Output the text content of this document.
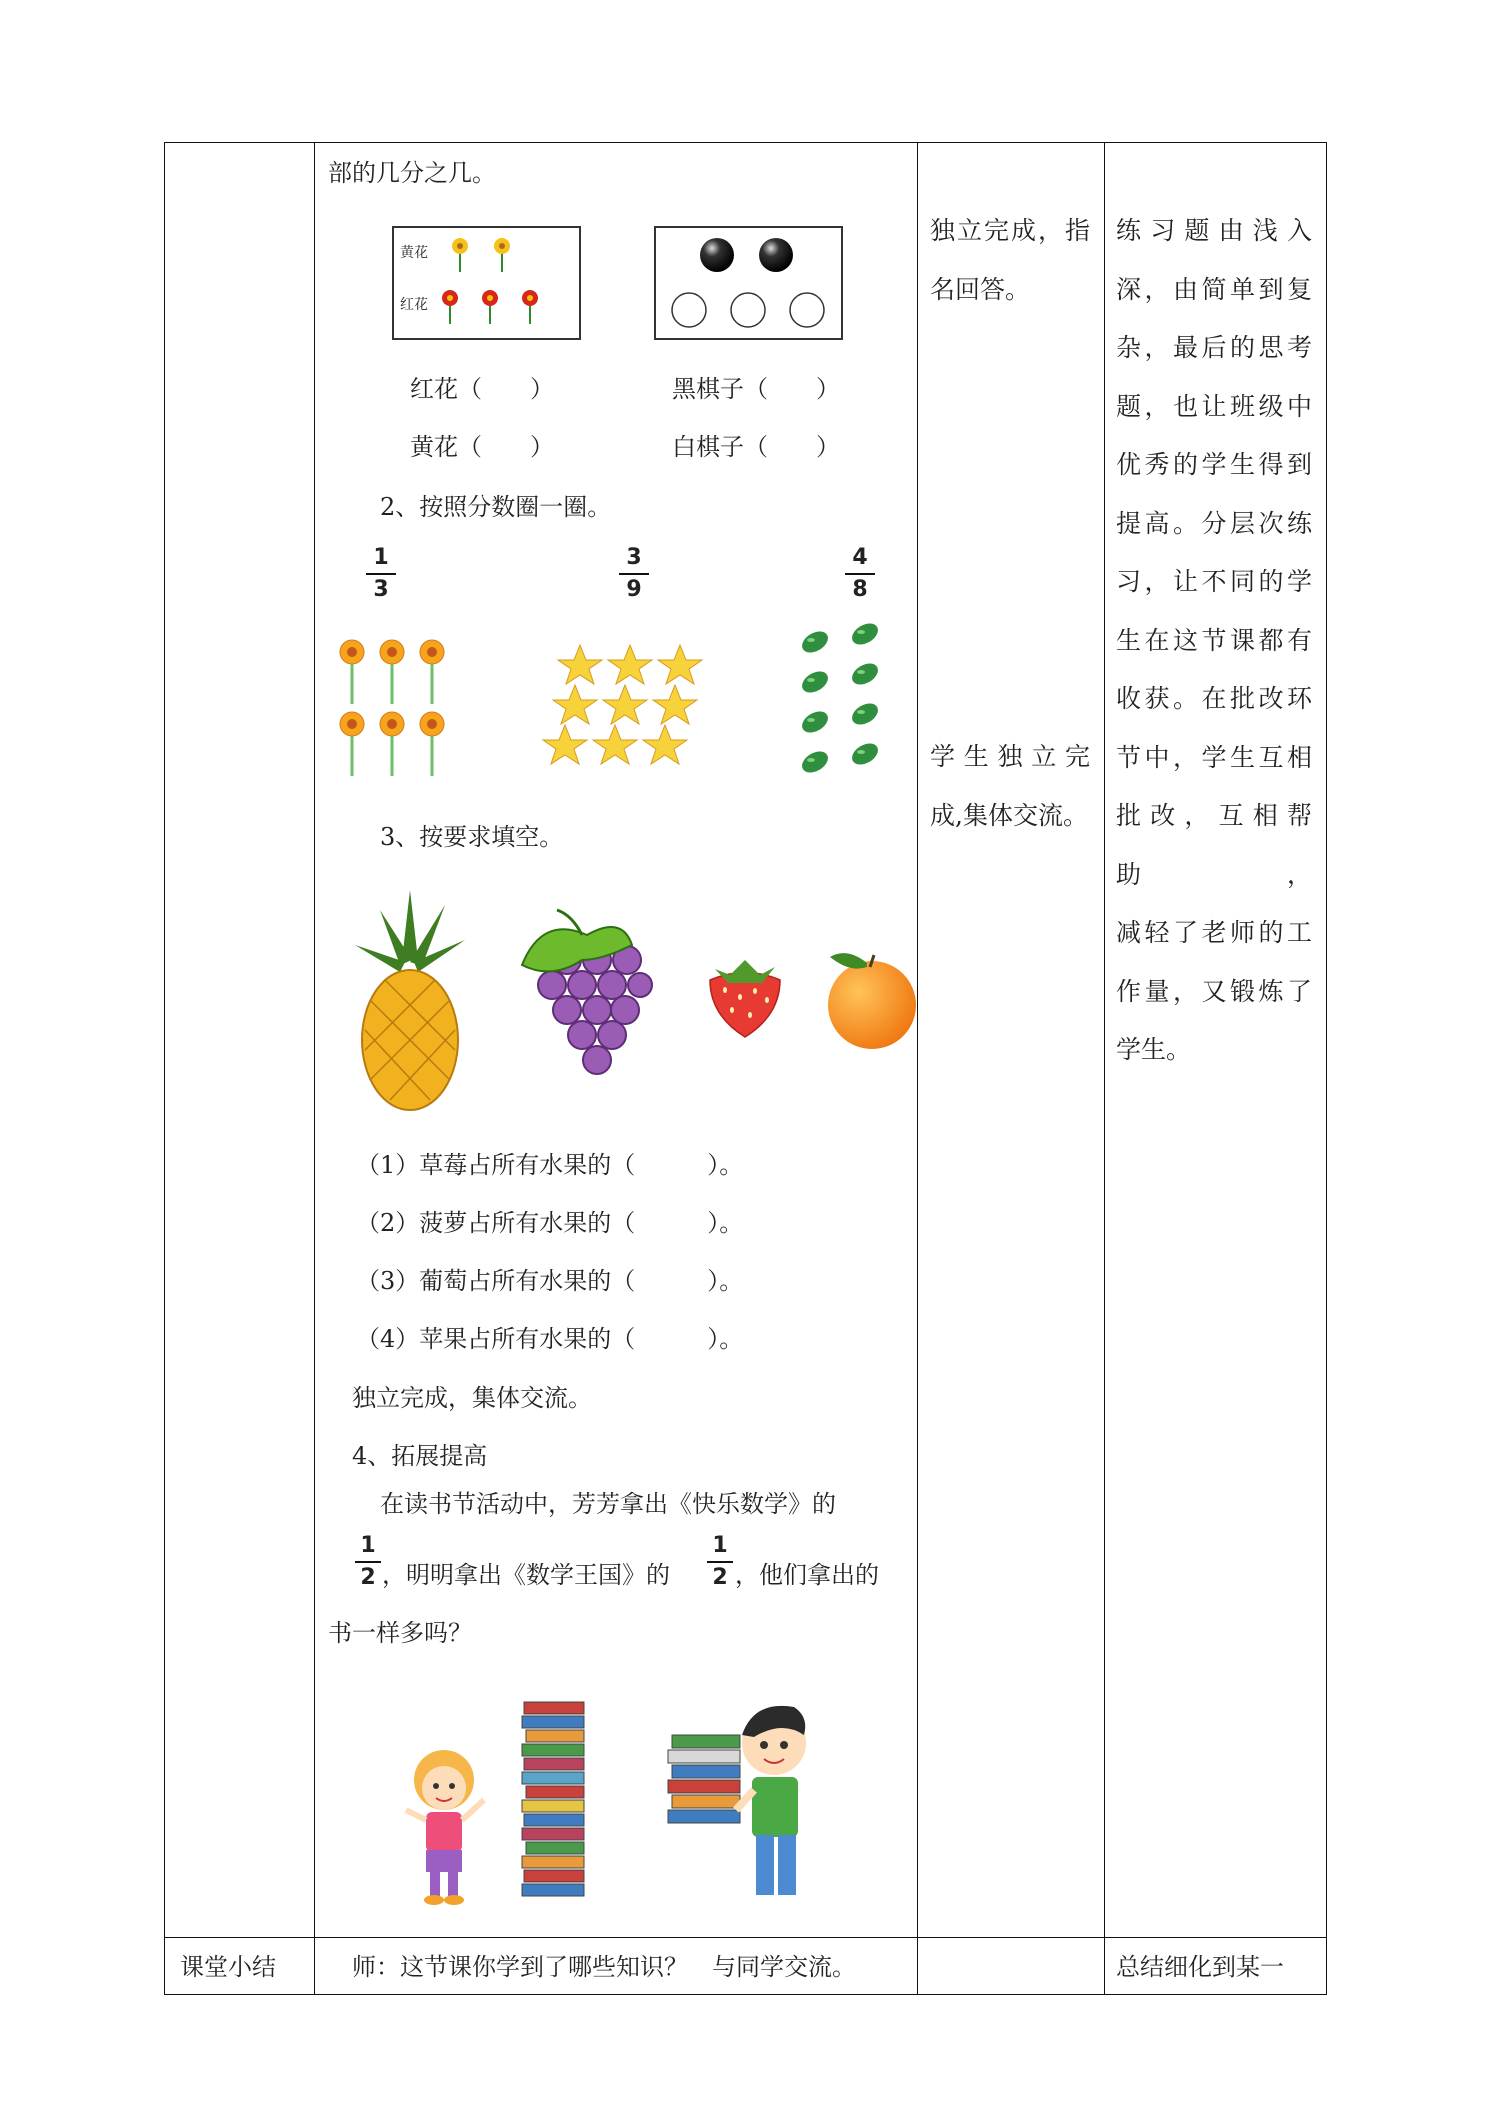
部的几分之几。
黄花
红花
红花（　　）
黄花（　　）
黑棋子（　　）
白棋子（　　）
2、按照分数圈一圈。
1
3
3
9
4
8
3、按要求填空。
（1）草莓占所有水果的（　　　）。
（2）菠萝占所有水果的（　　　）。
（3）葡萄占所有水果的（　　　）。
（4）苹果占所有水果的（　　　）。
独立完成，集体交流。
4、拓展提高
在读书节活动中，芳芳拿出《快乐数学》的
1
2 ，明明拿出《数学王国》的
1
2 ，他们拿出的
书一样多吗？
独立完成，指
名回答。
学生独立完
成,集体交流。
练习题由浅入
深，由简单到复
杂，最后的思考
题，也让班级中
优秀的学生得到
提高。分层次练
习，让不同的学
生在这节课都有
收获。在批改环
节中，学生互相
批改，互相帮助，
减轻了老师的工
作量，又锻炼了
学生。
课堂小结	师：这节课你学到了哪些知识？　与同学交流。	总结细化到某一
